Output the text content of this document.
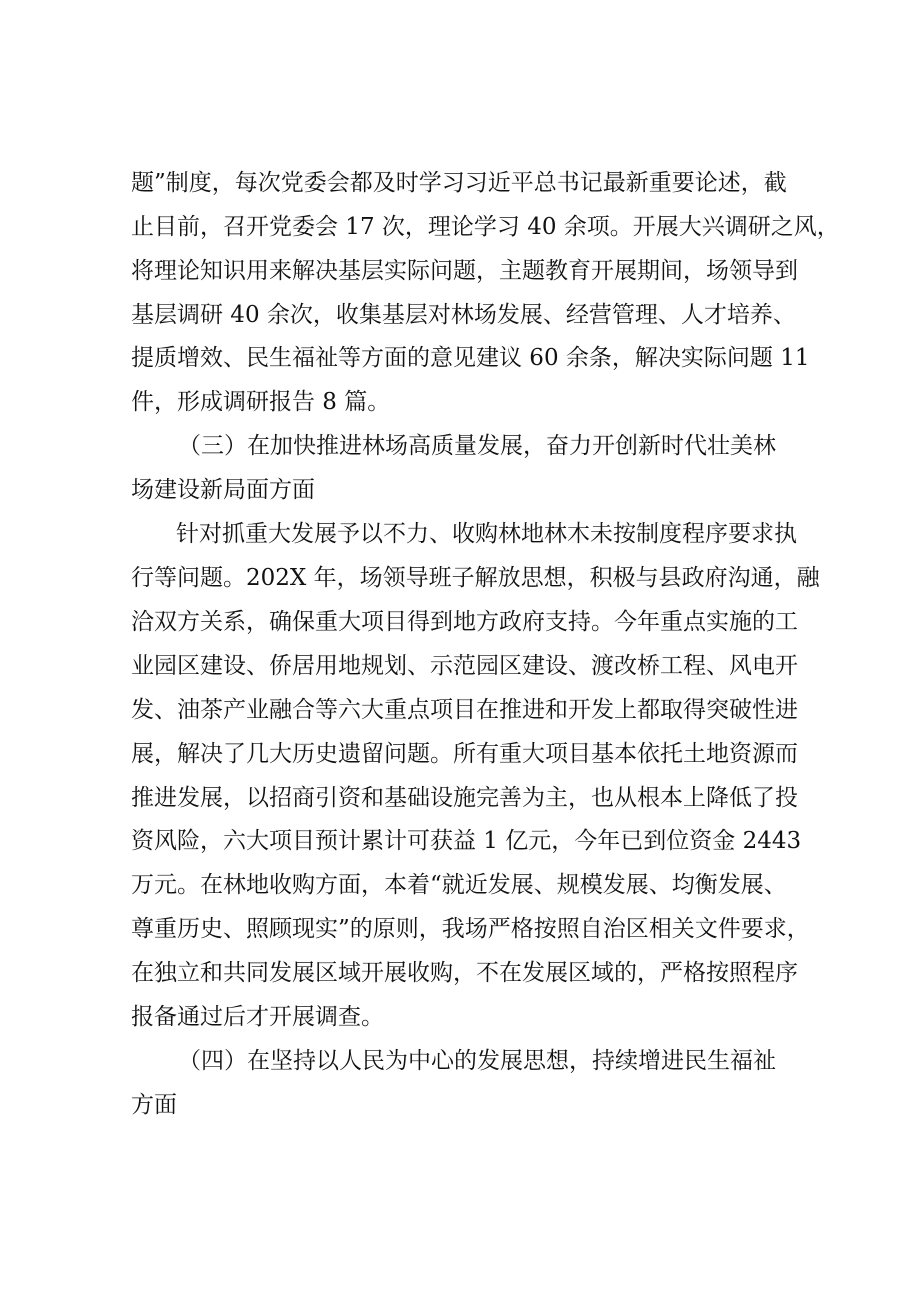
题”制度，每次党委会都及时学习习近平总书记最新重要论述，截

止目前，召开党委会 17 次，理论学习 40 余项。开展大兴调研之风，

将理论知识用来解决基层实际问题，主题教育开展期间，场领导到

基层调研 40 余次，收集基层对林场发展、经营管理、人才培养、

提质增效、民生福祉等方面的意见建议 60 余条，解决实际问题 11

件，形成调研报告 8 篇。

（三）在加快推进林场高质量发展，奋力开创新时代壮美林

场建设新局面方面

针对抓重大发展予以不力、收购林地林木未按制度程序要求执

行等问题。202X 年，场领导班子解放思想，积极与县政府沟通，融

洽双方关系，确保重大项目得到地方政府支持。今年重点实施的工

业园区建设、侨居用地规划、示范园区建设、渡改桥工程、风电开

发、油茶产业融合等六大重点项目在推进和开发上都取得突破性进

展，解决了几大历史遗留问题。所有重大项目基本依托土地资源而

推进发展，以招商引资和基础设施完善为主，也从根本上降低了投

资风险，六大项目预计累计可获益 1 亿元，今年已到位资金 2443

万元。在林地收购方面，本着“就近发展、规模发展、均衡发展、

尊重历史、照顾现实”的原则，我场严格按照自治区相关文件要求，

在独立和共同发展区域开展收购，不在发展区域的，严格按照程序

报备通过后才开展调查。

（四）在坚持以人民为中心的发展思想，持续增进民生福祉

方面
